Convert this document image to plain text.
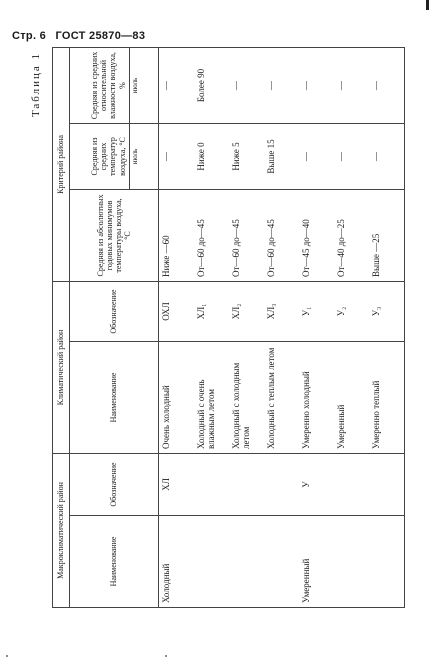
Стр. 6 ГОСТ 25870—83
Таблица 1
Макроклиматический район		Климатический район		Критерий района		
Наименование	Обозначение	Наименование	Обозначение	Средняя из абсолютных годовых минимумов температуры воздуха, °С	Средняя из средних температур воздуха, °С июль	Средняя из средних относительной влажности воздуха, % июль

Холодный	ХЛ	Очень холодный	ОХЛ	Ниже —60	—	—
		Холодный с очень влажным летом	ХЛ₁	От—60 до—45	Ниже 0	Более 90
		Холодный с холодным летом	ХЛ₂	От—60 до—45	Ниже 5	—
		Холодный с теплым летом	ХЛ₃	От—60 до—45	Выше 15	—
Умеренный	У	Умеренно холодный	У₁	От—45 до—40	—	—
		Умеренный	У₂	От—40 до—25	—	—
		Умеренно теплый	У₃	Выше —25	—	—
